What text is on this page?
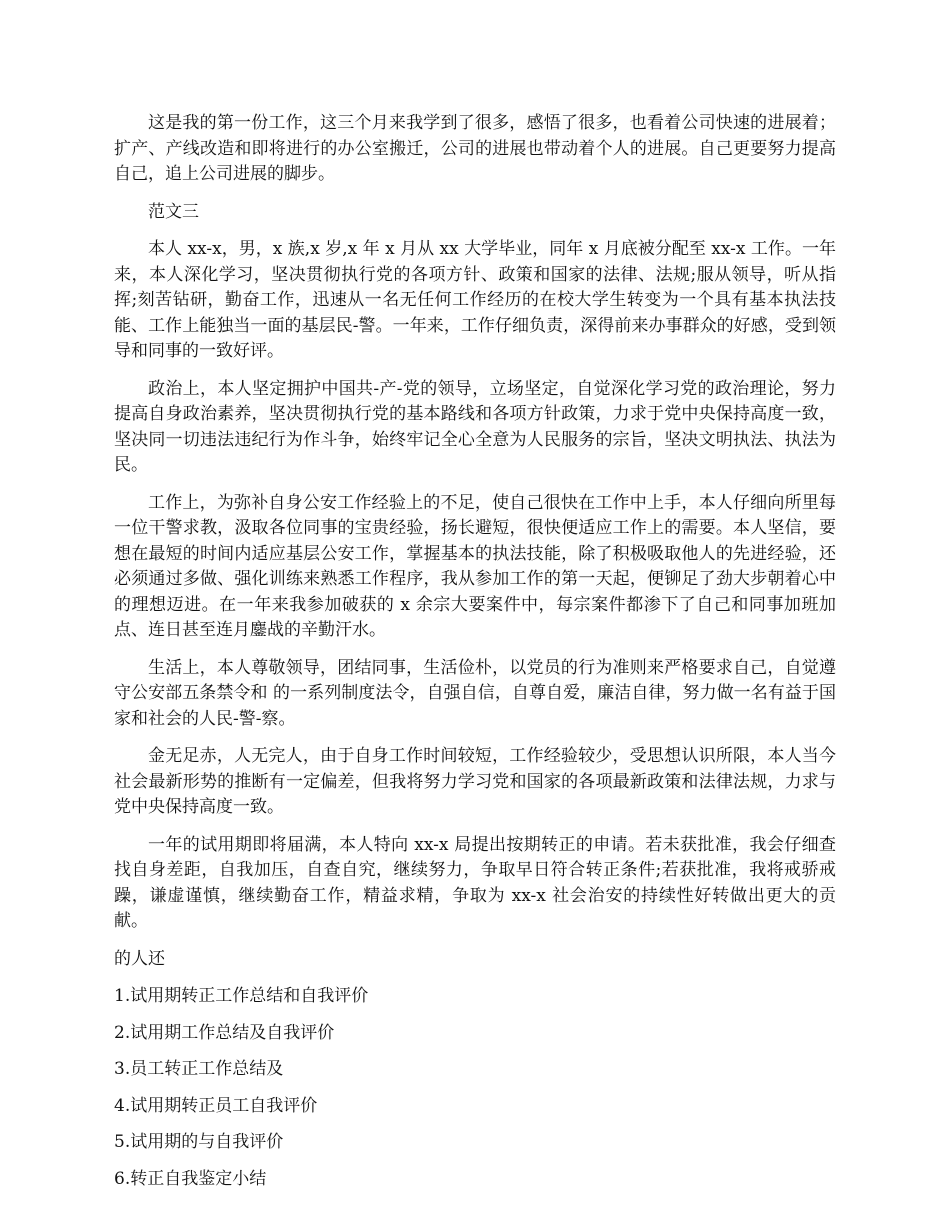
这是我的第一份工作，这三个月来我学到了很多，感悟了很多，也看着公司快速的进展着；扩产、产线改造和即将进行的办公室搬迁，公司的进展也带动着个人的进展。自己更要努力提高自己，追上公司进展的脚步。

范文三

本人 xx-x，男，x 族,x 岁,x 年 x 月从 xx 大学毕业，同年 x 月底被分配至 xx-x 工作。一年来，本人深化学习，坚决贯彻执行党的各项方针、政策和国家的法律、法规;服从领导，听从指挥;刻苦钻研，勤奋工作，迅速从一名无任何工作经历的在校大学生转变为一个具有基本执法技能、工作上能独当一面的基层民-警。一年来，工作仔细负责，深得前来办事群众的好感，受到领导和同事的一致好评。

政治上，本人坚定拥护中国共-产-党的领导，立场坚定，自觉深化学习党的政治理论，努力提高自身政治素养，坚决贯彻执行党的基本路线和各项方针政策，力求于党中央保持高度一致，坚决同一切违法违纪行为作斗争，始终牢记全心全意为人民服务的宗旨，坚决文明执法、执法为民。

工作上，为弥补自身公安工作经验上的不足，使自己很快在工作中上手，本人仔细向所里每一位干警求教，汲取各位同事的宝贵经验，扬长避短，很快便适应工作上的需要。本人坚信，要想在最短的时间内适应基层公安工作，掌握基本的执法技能，除了积极吸取他人的先进经验，还必须通过多做、强化训练来熟悉工作程序，我从参加工作的第一天起，便铆足了劲大步朝着心中的理想迈进。在一年来我参加破获的 x 余宗大要案件中，每宗案件都渗下了自己和同事加班加点、连日甚至连月鏖战的辛勤汗水。

生活上，本人尊敬领导，团结同事，生活俭朴，以党员的行为准则来严格要求自己，自觉遵守公安部五条禁令和 的一系列制度法令，自强自信，自尊自爱，廉洁自律，努力做一名有益于国家和社会的人民-警-察。

金无足赤，人无完人，由于自身工作时间较短，工作经验较少，受思想认识所限，本人当今社会最新形势的推断有一定偏差，但我将努力学习党和国家的各项最新政策和法律法规，力求与党中央保持高度一致。

一年的试用期即将届满，本人特向 xx-x 局提出按期转正的申请。若未获批准，我会仔细查找自身差距，自我加压，自查自究，继续努力，争取早日符合转正条件;若获批准，我将戒骄戒躁，谦虚谨慎，继续勤奋工作，精益求精，争取为 xx-x 社会治安的持续性好转做出更大的贡献。

的人还

1.试用期转正工作总结和自我评价
2.试用期工作总结及自我评价
3.员工转正工作总结及
4.试用期转正员工自我评价
5.试用期的与自我评价
6.转正自我鉴定小结
